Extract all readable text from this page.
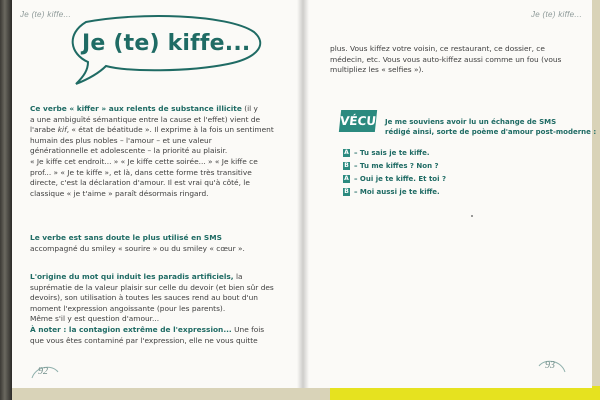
Je (te) kiffe...	Je (te) kiffe...
Je (te) kiffe...
Ce verbe « kiffer » aux relents de substance illicite (il y
a une ambiguïté sémantique entre la cause et l'effet) vient de
l'arabe kif, « état de béatitude ». Il exprime à la fois un sentiment
humain des plus nobles – l'amour – et une valeur
générationnelle et adolescente – la priorité au plaisir.
« Je kiffe cet endroit... » « Je kiffe cette soirée... » « Je kiffe ce
prof... » « Je te kiffe », et là, dans cette forme très transitive
directe, c'est la déclaration d'amour. Il est vrai qu'à côté, le
classique « je t'aime » paraît désormais ringard.
Le verbe est sans doute le plus utilisé en SMS
accompagné du smiley « sourire » ou du smiley « cœur ».
L'origine du mot qui induit les paradis artificiels, la
suprématie de la valeur plaisir sur celle du devoir (et bien sûr des
devoirs), son utilisation à toutes les sauces rend au bout d'un
moment l'expression angoissante (pour les parents).
Même s'il y est question d'amour...
À noter : la contagion extrême de l'expression... Une fois
que vous êtes contaminé par l'expression, elle ne vous quitte
92
plus. Vous kiffez votre voisin, ce restaurant, ce dossier, ce
médecin, etc. Vous vous auto-kiffez aussi comme un fou (vous
multipliez les « selfies »).
VÉCU Je me souviens avoir lu un échange de SMS
rédigé ainsi, sorte de poème d'amour post-moderne :
A – Tu sais je te kiffe.
B – Tu me kiffes ? Non ?
A – Oui je te kiffe. Et toi ?
B – Moi aussi je te kiffe.
93
